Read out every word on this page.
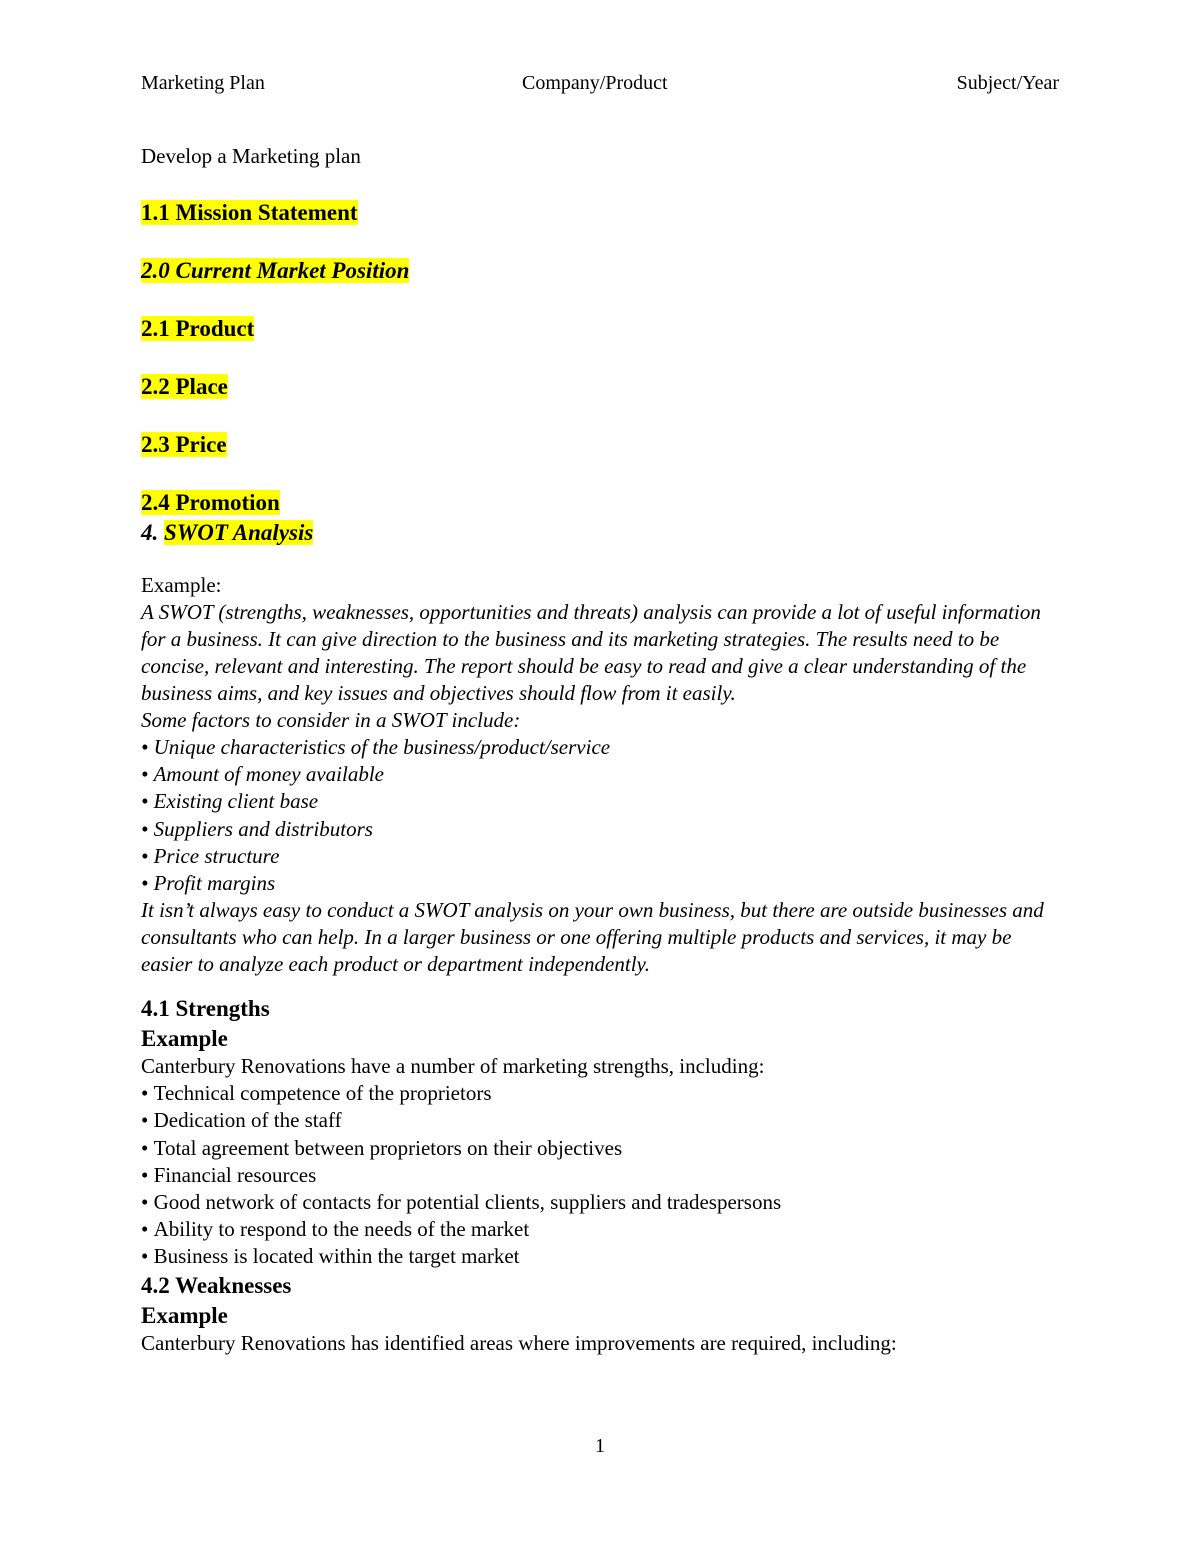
Marketing Plan	Company/Product	Subject/Year

Develop a Marketing plan

1.1 Mission Statement

2.0 Current Market Position

2.1 Product

2.2 Place

2.3 Price

2.4 Promotion

4. SWOT Analysis

Example:

A SWOT (strengths, weaknesses, opportunities and threats) analysis can provide a lot of useful information for a business. It can give direction to the business and its marketing strategies. The results need to be concise, relevant and interesting. The report should be easy to read and give a clear understanding of the business aims, and key issues and objectives should flow from it easily.

Some factors to consider in a SWOT include:

• Unique characteristics of the business/product/service
• Amount of money available
• Existing client base
• Suppliers and distributors
• Price structure
• Profit margins

It isn’t always easy to conduct a SWOT analysis on your own business, but there are outside businesses and consultants who can help. In a larger business or one offering multiple products and services, it may be easier to analyze each product or department independently.

4.1 Strengths

Example

Canterbury Renovations have a number of marketing strengths, including:

• Technical competence of the proprietors
• Dedication of the staff
• Total agreement between proprietors on their objectives
• Financial resources
• Good network of contacts for potential clients, suppliers and tradespersons
• Ability to respond to the needs of the market
• Business is located within the target market

4.2 Weaknesses

Example

Canterbury Renovations has identified areas where improvements are required, including:

1
